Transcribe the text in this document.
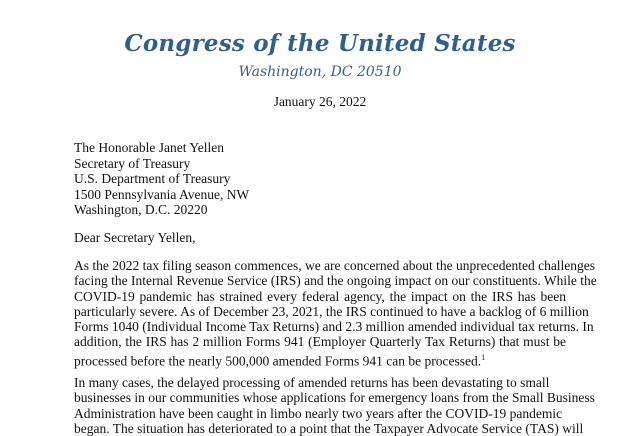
Congress of the United States
Washington, DC 20510
January 26, 2022
The Honorable Janet Yellen
Secretary of Treasury
U.S. Department of Treasury
1500 Pennsylvania Avenue, NW
Washington, D.C. 20220
Dear Secretary Yellen,
As the 2022 tax filing season commences, we are concerned about the unprecedented challenges
facing the Internal Revenue Service (IRS) and the ongoing impact on our constituents. While the
COVID-19 pandemic has strained every federal agency, the impact on the IRS has been
particularly severe. As of December 23, 2021, the IRS continued to have a backlog of 6 million
Forms 1040 (Individual Income Tax Returns) and 2.3 million amended individual tax returns. In
addition, the IRS has 2 million Forms 941 (Employer Quarterly Tax Returns) that must be
processed before the nearly 500,000 amended Forms 941 can be processed.$^1$
In many cases, the delayed processing of amended returns has been devastating to small
businesses in our communities whose applications for emergency loans from the Small Business
Administration have been caught in limbo nearly two years after the COVID-19 pandemic
began. The situation has deteriorated to a point that the Taxpayer Advocate Service (TAS) will
